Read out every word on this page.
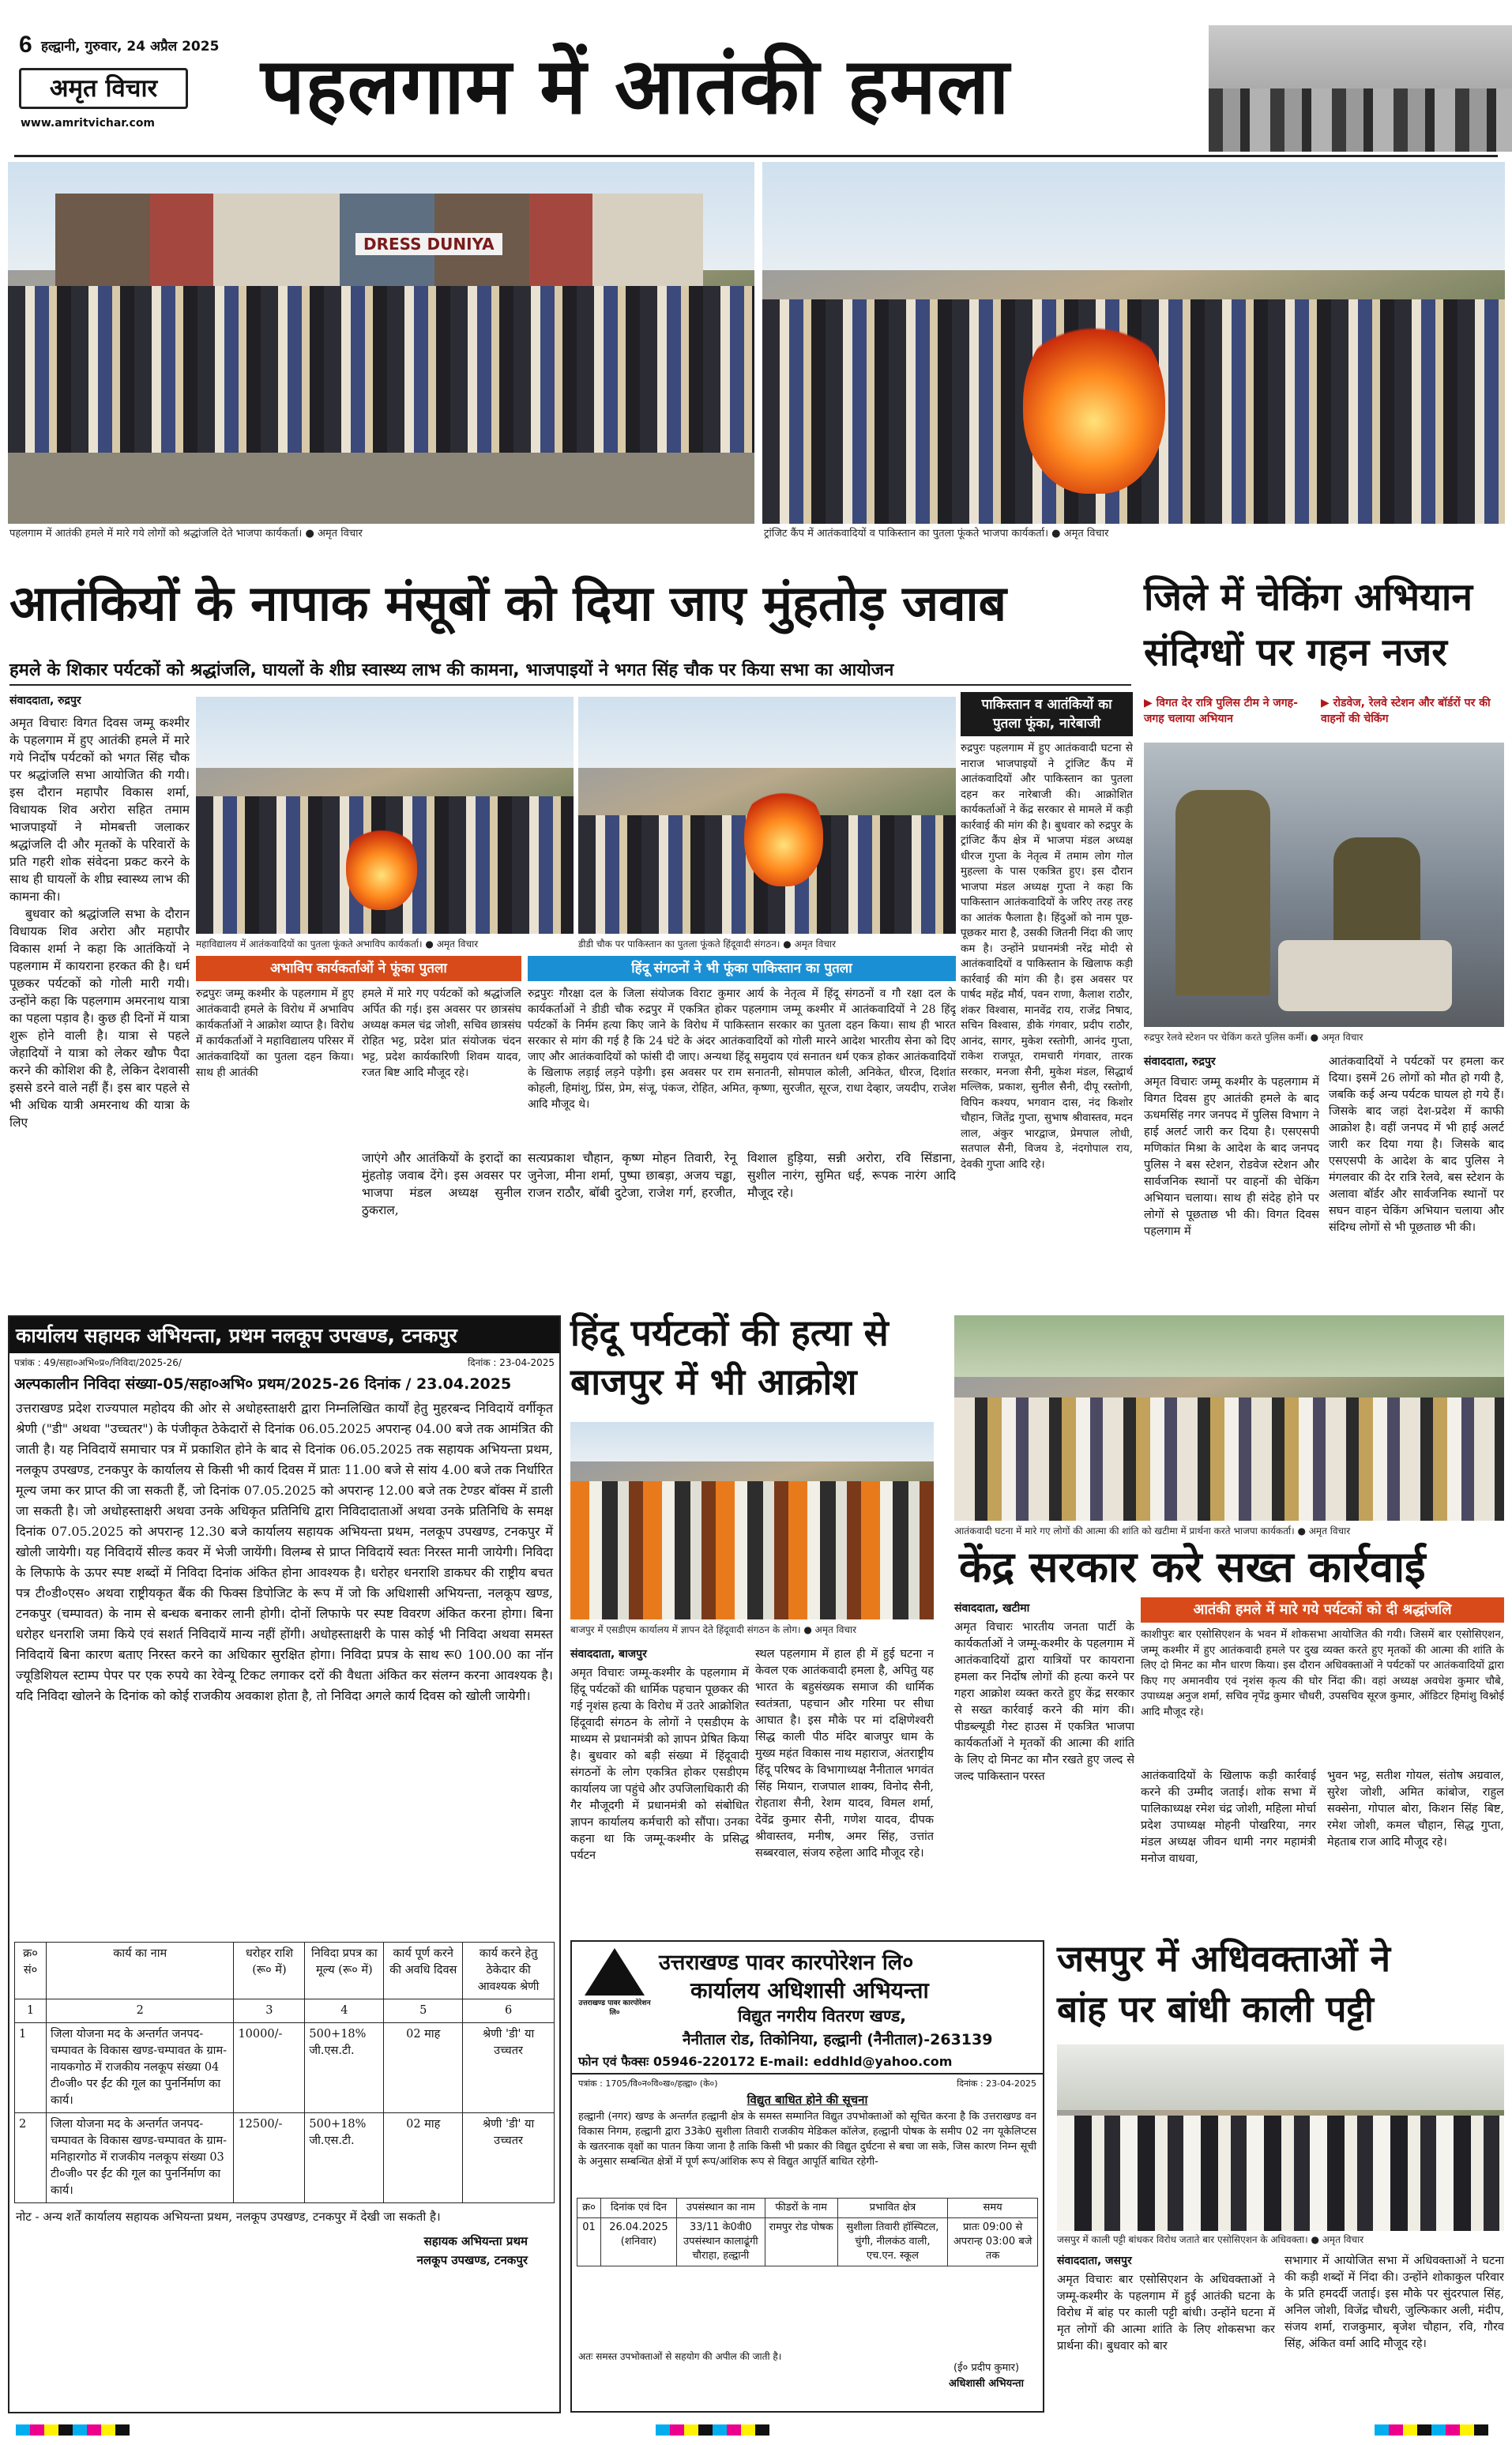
6 हल्द्वानी, गुरुवार, 24 अप्रैल 2025
अमृत विचार
www.amritvichar.com पहलगाम में आतंकी हमला
DRESS DUNIYA
पहलगाम में आतंकी हमले में मारे गये लोगों को श्रद्धांजलि देते भाजपा कार्यकर्ता। ● अमृत विचार	ट्रांजिट कैंप में आतंकवादियों व पाकिस्तान का पुतला फूंकते भाजपा कार्यकर्ता। ● अमृत विचार
आतंकियों के नापाक मंसूबों को दिया जाए मुंहतोड़ जवाब
हमले के शिकार पर्यटकों को श्रद्धांजलि, घायलों के शीघ्र स्वास्थ्य लाभ की कामना, भाजपाइयों ने भगत सिंह चौक पर किया सभा का आयोजन
संवाददाता, रुद्रपुर
अमृत विचारः विगत दिवस जम्मू कश्मीर के पहलगाम में हुए आतंकी हमले में मारे गये निर्दोष पर्यटकों को भगत सिंह चौक पर श्रद्धांजलि सभा आयोजित की गयी। इस दौरान महापौर विकास शर्मा, विधायक शिव अरोरा सहित तमाम भाजपाइयों ने मोमबत्ती जलाकर श्रद्धांजलि दी और मृतकों के परिवारों के प्रति गहरी शोक संवेदना प्रकट करने के साथ ही घायलों के शीघ्र स्वास्थ्य लाभ की कामना की।
बुधवार को श्रद्धांजलि सभा के दौरान विधायक शिव अरोरा और महापौर विकास शर्मा ने कहा कि आतंकियों ने पहलगाम में कायराना हरकत की है। धर्म पूछकर पर्यटकों को गोली मारी गयी। उन्होंने कहा कि पहलगाम अमरनाथ यात्रा का पहला पड़ाव है। कुछ ही दिनों में यात्रा शुरू होने वाली है। यात्रा से पहले जेहादियों ने यात्रा को लेकर खौफ पैदा करने की कोशिश की है, लेकिन देशवासी इससे डरने वाले नहीं हैं। इस बार पहले से भी अधिक यात्री अमरनाथ की यात्रा के लिए
महाविद्यालय में आतंकवादियों का पुतला फूंकते अभाविप कार्यकर्ता। ● अमृत विचार	डीडी चौक पर पाकिस्तान का पुतला फूंकते हिंदूवादी संगठन। ● अमृत विचार
अभाविप कार्यकर्ताओं ने फूंका पुतला
रुद्रपुरः जम्मू कश्मीर के पहलगाम में हुए आतंकवादी हमले के विरोध में अभाविप कार्यकर्ताओं ने आक्रोश व्याप्त है। विरोध में कार्यकर्ताओं ने महाविद्यालय परिसर में आतंकवादियों का पुतला दहन किया। साथ ही आतंकी
हमले में मारे गए पर्यटकों को श्रद्धांजलि अर्पित की गई। इस अवसर पर छात्रसंघ अध्यक्ष कमल चंद्र जोशी, सचिव छात्रसंघ रोहित भट्ट, प्रदेश प्रांत संयोजक चंदन भट्ट, प्रदेश कार्यकारिणी शिवम यादव, रजत बिष्ट आदि मौजूद रहे।
हिंदू संगठनों ने भी फूंका पाकिस्तान का पुतला
रुद्रपुरः गौरक्षा दल के जिला संयोजक विराट कुमार आर्य के नेतृत्व में हिंदू संगठनों व गौ रक्षा दल के कार्यकर्ताओं ने डीडी चौक रुद्रपुर में एकत्रित होकर पहलगाम जम्मू कश्मीर में आतंकवादियों ने 28 हिंदू पर्यटकों के निर्मम हत्या किए जाने के विरोध में पाकिस्तान सरकार का पुतला दहन किया। साथ ही भारत सरकार से मांग की गई है कि 24 घंटे के अंदर आतंकवादियों को गोली मारने आदेश भारतीय सेना को दिए जाए और आतंकवादियों को फांसी दी जाए। अन्यथा हिंदू समुदाय एवं सनातन धर्म एकत्र होकर आतंकवादियों के खिलाफ लड़ाई लड़ने पड़ेगी। इस अवसर पर राम सनातनी, सोमपाल कोली, अनिकेत, धीरज, दिशांत कोहली, हिमांशु, प्रिंस, प्रेम, संजू, पंकज, रोहित, अमित, कृष्णा, सुरजीत, सूरज, राधा देव्हार, जयदीप, राजेश आदि मौजूद थे।
जाएंगे और आतंकियों के इरादों का मुंहतोड़ जवाब देंगे। इस अवसर पर भाजपा मंडल अध्यक्ष सुनील ठुकराल,
सत्यप्रकाश चौहान, कृष्ण मोहन तिवारी, रेनू जुनेजा, मीना शर्मा, पुष्पा छाबड़ा, अजय चड्ढा, राजन राठौर, बॉबी दुटेजा, राजेश गर्ग, हरजीत, विशाल हुड़िया, सन्नी अरोरा, रवि सिंडाना, सुशील नारंग, सुमित धई, रूपक नारंग आदि मौजूद रहे।
पाकिस्तान व आतंकियों का पुतला फूंका, नारेबाजी
रुद्रपुरः पहलगाम में हुए आतंकवादी घटना से नाराज भाजपाइयों ने ट्रांजिट कैंप में आतंकवादियों और पाकिस्तान का पुतला दहन कर नारेबाजी की। आक्रोशित कार्यकर्ताओं ने केंद्र सरकार से मामले में कड़ी कार्रवाई की मांग की है। बुधवार को रुद्रपुर के ट्रांजिट कैंप क्षेत्र में भाजपा मंडल अध्यक्ष धीरज गुप्ता के नेतृत्व में तमाम लोग गोल मुहल्ला के पास एकत्रित हुए। इस दौरान भाजपा मंडल अध्यक्ष गुप्ता ने कहा कि पाकिस्तान आतंकवादियों के जरिए तरह तरह का आतंक फैलाता है। हिंदुओं को नाम पूछ-पूछकर मारा है, उसकी जितनी निंदा की जाए कम है। उन्होंने प्रधानमंत्री नरेंद्र मोदी से आतंकवादियों व पाकिस्तान के खिलाफ कड़ी कार्रवाई की मांग की है। इस अवसर पर पार्षद महेंद्र मौर्य, पवन राणा, कैलाश राठौर, शंकर विश्वास, मानवेंद्र राय, राजेंद्र निषाद, सचिन विश्वास, डीके गंगवार, प्रदीप राठौर, आनंद, सागर, मुकेश रस्तोगी, आनंद गुप्ता, राकेश राजपूत, रामचारी गंगवार, तारक सरकार, मनजा सैनी, मुकेश मंडल, सिद्धार्थ मल्लिक, प्रकाश, सुनील सैनी, दीपू रस्तोगी, विपिन कश्यप, भगवान दास, नंद किशोर चौहान, जितेंद्र गुप्ता, सुभाष श्रीवास्तव, मदन लाल, अंकुर भारद्वाज, प्रेमपाल लोधी, सतपाल सैनी, विजय डे, नंदगोपाल राय, देवकी गुप्ता आदि रहे।
जिले में चेकिंग अभियान
संदिग्धों पर गहन नजर
▶ विगत देर रात्रि पुलिस टीम ने जगह-जगह चलाया अभियान
▶ रोडवेज, रेलवे स्टेशन और बॉर्डरों पर की वाहनों की चेकिंग
रुद्रपुर रेलवे स्टेशन पर चेकिंग करते पुलिस कर्मी। ● अमृत विचार
संवाददाता, रुद्रपुर
अमृत विचारः जम्मू कश्मीर के पहलगाम में विगत दिवस हुए आतंकी हमले के बाद ऊधमसिंह नगर जनपद में पुलिस विभाग ने हाई अलर्ट जारी कर दिया है। एसएसपी मणिकांत मिश्रा के आदेश के बाद जनपद पुलिस ने बस स्टेशन, रोडवेज स्टेशन और सार्वजनिक स्थानों पर वाहनों की चेकिंग अभियान चलाया। साथ ही संदेह होने पर लोगों से पूछताछ भी की। विगत दिवस पहलगाम में
आतंकवादियों ने पर्यटकों पर हमला कर दिया। इसमें 26 लोगों को मौत हो गयी है, जबकि कई अन्य पर्यटक घायल हो गये हैं। जिसके बाद जहां देश-प्रदेश में काफी आक्रोश है। वहीं जनपद में भी हाई अलर्ट जारी कर दिया गया है। जिसके बाद एसएसपी के आदेश के बाद पुलिस ने मंगलवार की देर रात्रि रेलवे, बस स्टेशन के अलावा बॉर्डर और सार्वजनिक स्थानों पर सघन वाहन चेकिंग अभियान चलाया और संदिग्ध लोगों से भी पूछताछ भी की।
कार्यालय सहायक अभियन्ता, प्रथम नलकूप उपखण्ड, टनकपुर
पत्रांक : 49/सहा०अभि०प्र०/निविदा/2025-26/	दिनांक : 23-04-2025
अल्पकालीन निविदा संख्या-05/सहा०अभि० प्रथम/2025-26 दिनांक / 23.04.2025
उत्तराखण्ड प्रदेश राज्यपाल महोदय की ओर से अधोहस्ताक्षरी द्वारा निम्नलिखित कार्यों हेतु मुहरबन्द निविदायें वर्गीकृत श्रेणी ("डी" अथवा "उच्चतर") के पंजीकृत ठेकेदारों से दिनांक 06.05.2025 अपरान्ह 04.00 बजे तक आमंत्रित की जाती है। यह निविदायें समाचार पत्र में प्रकाशित होने के बाद से दिनांक 06.05.2025 तक सहायक अभियन्ता प्रथम, नलकूप उपखण्ड, टनकपुर के कार्यालय से किसी भी कार्य दिवस में प्रातः 11.00 बजे से सांय 4.00 बजे तक निर्धारित मूल्य जमा कर प्राप्त की जा सकती हैं, जो दिनांक 07.05.2025 को अपरान्ह 12.00 बजे तक टेण्डर बॉक्स में डाली जा सकती है। जो अधोहस्ताक्षरी अथवा उनके अधिकृत प्रतिनिधि द्वारा निविदादाताओं अथवा उनके प्रतिनिधि के समक्ष दिनांक 07.05.2025 को अपरान्ह 12.30 बजे कार्यालय सहायक अभियन्ता प्रथम, नलकूप उपखण्ड, टनकपुर में खोली जायेगी। यह निविदायें सील्ड कवर में भेजी जायेंगी। विलम्ब से प्राप्त निविदायें स्वतः निरस्त मानी जायेगी। निविदा के लिफाफे के ऊपर स्पष्ट शब्दों में निविदा दिनांक अंकित होना आवश्यक है। धरोहर धनराशि डाकघर की राष्ट्रीय बचत पत्र टी०डी०एस० अथवा राष्ट्रीयकृत बैंक की फिक्स डिपोजिट के रूप में जो कि अधिशासी अभियन्ता, नलकूप खण्ड, टनकपुर (चम्पावत) के नाम से बन्धक बनाकर लानी होगी। दोनों लिफाफे पर स्पष्ट विवरण अंकित करना होगा। बिना धरोहर धनराशि जमा किये एवं सशर्त निविदायें मान्य नहीं होंगी। अधोहस्ताक्षरी के पास कोई भी निविदा अथवा समस्त निविदायें बिना कारण बताए निरस्त करने का अधिकार सुरक्षित होगा। निविदा प्रपत्र के साथ रू0 100.00 का नॉन ज्यूडिशियल स्टाम्प पेपर पर एक रुपये का रेवेन्यू टिकट लगाकर दरों की वैधता अंकित कर संलग्न करना आवश्यक है। यदि निविदा खोलने के दिनांक को कोई राजकीय अवकाश होता है, तो निविदा अगले कार्य दिवस को खोली जायेगी।
क्र० सं०	कार्य का नाम	धरोहर राशि (रू० में)	निविदा प्रपत्र का मूल्य (रू० में)	कार्य पूर्ण करने की अवधि दिवस	कार्य करने हेतु ठेकेदार की आवश्यक श्रेणी
1	2	3	4	5	6
1	जिला योजना मद के अन्तर्गत जनपद-चम्पावत के विकास खण्ड-चम्पावत के ग्राम-नायकगोठ में राजकीय नलकूप संख्या 04 टी०जी० पर ईंट की गूल का पुनर्निर्माण का कार्य।	10000/-	500+18% जी.एस.टी.	02 माह	श्रेणी 'डी' या उच्चतर
2	जिला योजना मद के अन्तर्गत जनपद-चम्पावत के विकास खण्ड-चम्पावत के ग्राम-मनिहारगोठ में राजकीय नलकूप संख्या 03 टी०जी० पर ईंट की गूल का पुनर्निर्माण का कार्य।	12500/-	500+18% जी.एस.टी.	02 माह	श्रेणी 'डी' या उच्चतर
नोट - अन्य शर्तें कार्यालय सहायक अभियन्ता प्रथम, नलकूप उपखण्ड, टनकपुर में देखी जा सकती है।
सहायक अभियन्ता प्रथम
नलकूप उपखण्ड, टनकपुर
हिंदू पर्यटकों की हत्या से
बाजपुर में भी आक्रोश
बाजपुर में एसडीएम कार्यालय में ज्ञापन देते हिंदूवादी संगठन के लोग। ● अमृत विचार
संवाददाता, बाजपुर
अमृत विचारः जम्मू-कश्मीर के पहलगाम में हिंदू पर्यटकों की धार्मिक पहचान पूछकर की गई नृशंस हत्या के विरोध में उतरे आक्रोशित हिंदूवादी संगठन के लोगों ने एसडीएम के माध्यम से प्रधानमंत्री को ज्ञापन प्रेषित किया है। बुधवार को बड़ी संख्या में हिंदूवादी संगठनों के लोग एकत्रित होकर एसडीएम कार्यालय जा पहुंचे और उपजिलाधिकारी की गैर मौजूदगी में प्रधानमंत्री को संबोधित ज्ञापन कार्यालय कर्मचारी को सौंपा। उनका कहना था कि जम्मू-कश्मीर के प्रसिद्ध पर्यटन
स्थल पहलगाम में हाल ही में हुई घटना न केवल एक आतंकवादी हमला है, अपितु यह भारत के बहुसंख्यक समाज की धार्मिक स्वतंत्रता, पहचान और गरिमा पर सीधा आघात है। इस मौके पर मां दक्षिणेश्वरी सिद्ध काली पीठ मंदिर बाजपुर धाम के मुख्य महंत विकास नाथ महाराज, अंतराष्ट्रीय हिंदू परिषद के विभागाध्यक्ष नैनीताल भगवंत सिंह मियान, राजपाल शाक्य, विनोद सैनी, रोहताश सैनी, रेशम यादव, विमल शर्मा, देवेंद्र कुमार सैनी, गणेश यादव, दीपक श्रीवास्तव, मनीष, अमर सिंह, उत्तांत सब्बरवाल, संजय रुहेला आदि मौजूद रहे।
उत्तराखण्ड पावर कारपोरेशन लि०
उत्तराखण्ड पावर कारपोरेशन लि०
कार्यालय अधिशासी अभियन्ता
विद्युत नगरीय वितरण खण्ड,
नैनीताल रोड, तिकोनिया, हल्द्वानी (नैनीताल)-263139
फोन एवं फैक्सः 05946-220172 E-mail: eddhld@yahoo.com
पत्रांक : 1705/वि०न०वि०ख०/हल्द्वा० (के०)	दिनांक : 23-04-2025
विद्युत बाधित होने की सूचना
हल्द्वानी (नगर) खण्ड के अन्तर्गत हल्द्वानी क्षेत्र के समस्त सम्मानित विद्युत उपभोक्ताओं को सूचित करना है कि उत्तराखण्ड वन विकास निगम, हल्द्वानी द्वारा 33के0 सुशीला तिवारी राजकीय मेडिकल कॉलेज, हल्द्वानी पोषक के समीप 02 नग यूकेलिप्टस के खतरनाक वृक्षों का पातन किया जाना है ताकि किसी भी प्रकार की विद्युत दुर्घटना से बचा जा सके, जिस कारण निम्न सूची के अनुसार सम्बन्धित क्षेत्रों में पूर्ण रूप/आंशिक रूप से विद्युत आपूर्ति बाधित रहेगी-
क्र०	दिनांक एवं दिन	उपसंस्थान का नाम	फीडरों के नाम	प्रभावित क्षेत्र	समय
01	26.04.2025 (शनिवार)	33/11 के0वी0 उपसंस्थान कालाढूंगी चौराहा, हल्द्वानी	रामपुर रोड पोषक	सुशीला तिवारी हॉस्पिटल, चुंगी, नीलकंठ वाली, एच.एन. स्कूल	प्रातः 09:00 से अपरान्ह 03:00 बजे तक
अतः समस्त उपभोक्ताओं से सहयोग की अपील की जाती है।
(ई० प्रदीप कुमार)
अधिशासी अभियन्ता
आतंकवादी घटना में मारे गए लोगों की आत्मा की शांति को खटीमा में प्रार्थना करते भाजपा कार्यकर्ता। ● अमृत विचार
केंद्र सरकार करे सख्त कार्रवाई
संवाददाता, खटीमा
अमृत विचारः भारतीय जनता पार्टी के कार्यकर्ताओं ने जम्मू-कश्मीर के पहलगाम में आतंकवादियों द्वारा यात्रियों पर कायराना हमला कर निर्दोष लोगों की हत्या करने पर गहरा आक्रोश व्यक्त करते हुए केंद्र सरकार से सख्त कार्रवाई करने की मांग की। पीडब्ल्यूडी गेस्ट हाउस में एकत्रित भाजपा कार्यकर्ताओं ने मृतकों की आत्मा की शांति के लिए दो मिनट का मौन रखते हुए जल्द से जल्द पाकिस्तान परस्त
आतंकी हमले में मारे गये पर्यटकों को दी श्रद्धांजलि
काशीपुरः बार एसोसिएशन के भवन में शोकसभा आयोजित की गयी। जिसमें बार एसोसिएशन, जम्मू कश्मीर में हुए आतंकवादी हमले पर दुख व्यक्त करते हुए मृतकों की आत्मा की शांति के लिए दो मिनट का मौन धारण किया। इस दौरान अधिवक्ताओं ने पर्यटकों पर आतंकवादियों द्वारा किए गए अमानवीय एवं नृशंस कृत्य की घोर निंदा की। वहां अध्यक्ष अवधेश कुमार चौबे, उपाध्यक्ष अनुज शर्मा, सचिव नृपेंद्र कुमार चौधरी, उपसचिव सूरज कुमार, ऑडिटर हिमांशु विश्नोई आदि मौजूद रहे।
आतंकवादियों के खिलाफ कड़ी कार्रवाई करने की उम्मीद जताई। शोक सभा में पालिकाध्यक्ष रमेश चंद्र जोशी, महिला मोर्चा प्रदेश उपाध्यक्ष मोहनी पोखरिया, नगर मंडल अध्यक्ष जीवन धामी नगर महामंत्री मनोज वाधवा,
भुवन भट्ट, सतीश गोयल, संतोष अग्रवाल, सुरेश जोशी, अमित कांबोज, राहुल सक्सेना, गोपाल बोरा, किशन सिंह बिष्ट, रमेश जोशी, कमल चौहान, सिद्ध गुप्ता, मेहताब राज आदि मौजूद रहे।
जसपुर में अधिवक्ताओं ने
बांह पर बांधी काली पट्टी
जसपुर में काली पट्टी बांधकर विरोध जताते बार एसोसिएशन के अधिवक्ता। ● अमृत विचार
संवाददाता, जसपुर
अमृत विचारः बार एसोसिएशन के अधिवक्ताओं ने जम्मू-कश्मीर के पहलगाम में हुई आतंकी घटना के विरोध में बांह पर काली पट्टी बांधी। उन्होंने घटना में मृत लोगों की आत्मा शांति के लिए शोकसभा कर प्रार्थना की। बुधवार को बार
सभागार में आयोजित सभा में अधिवक्ताओं ने घटना की कड़ी शब्दों में निंदा की। उन्होंने शोकाकुल परिवार के प्रति हमदर्दी जताई। इस मौके पर सुंदरपाल सिंह, अनिल जोशी, विजेंद्र चौधरी, जुल्फिकार अली, मंदीप, संजय शर्मा, राजकुमार, बृजेश चौहान, रवि, गौरव सिंह, अंकित वर्मा आदि मौजूद रहे।
